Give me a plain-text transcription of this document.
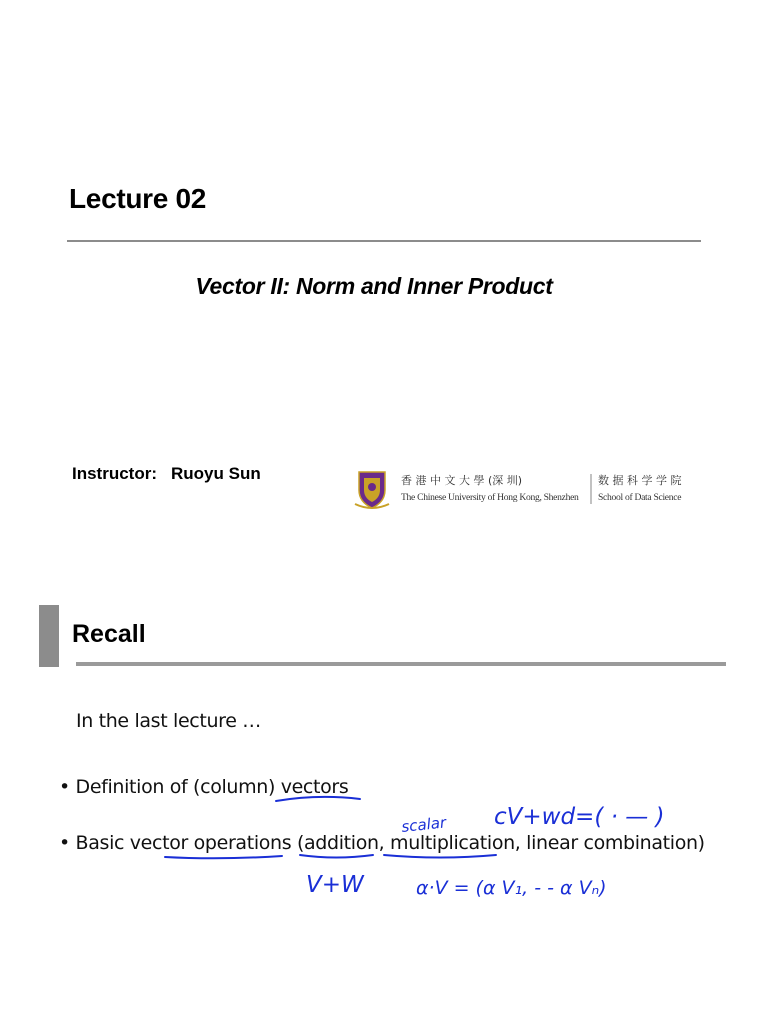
Lecture 02
Vector II: Norm and Inner Product
Instructor: Ruoyu Sun	香 港 中 文 大 學 (深 圳)
The Chinese University of Hong Kong, Shenzhen
数 据 科 学 学 院
School of Data Science
Recall
In the last lecture …
• Definition of (column) vectors
• Basic vector operations (addition, multiplication, linear combination)
scalar cV+wd=( · — )
V+W	α·V = (α V₁, - - α Vₙ)
